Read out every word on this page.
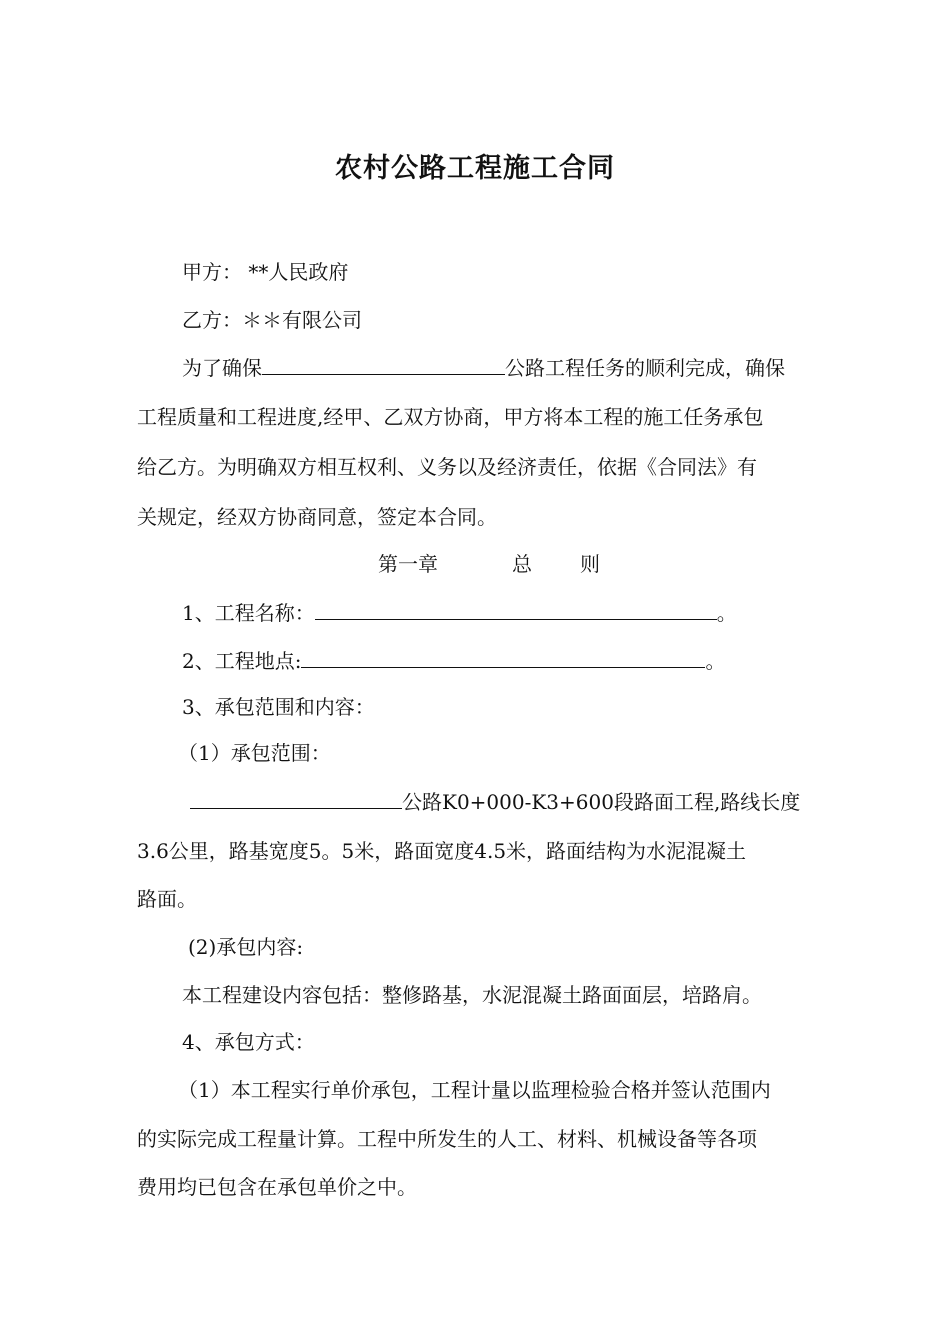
农村公路工程施工合同
甲方： **人民政府
乙方：＊＊有限公司
为了确保	公路工程任务的顺利完成，确保
工程质量和工程进度,经甲、乙双方协商，甲方将本工程的施工任务承包
给乙方。为明确双方相互权利、义务以及经济责任，依据《合同法》有
关规定，经双方协商同意，签定本合同。
第一章	总 则
1、工程名称：	。
2、工程地点:	。
3、承包范围和内容：
（1）承包范围：
公路K0+000-K3+600段路面工程,路线长度
3.6公里，路基宽度5。5米，路面宽度4.5米，路面结构为水泥混凝土
路面。
(2)承包内容:
本工程建设内容包括：整修路基，水泥混凝土路面面层，培路肩。
4、承包方式：
（1）本工程实行单价承包，工程计量以监理检验合格并签认范围内
的实际完成工程量计算。工程中所发生的人工、材料、机械设备等各项
费用均已包含在承包单价之中。
